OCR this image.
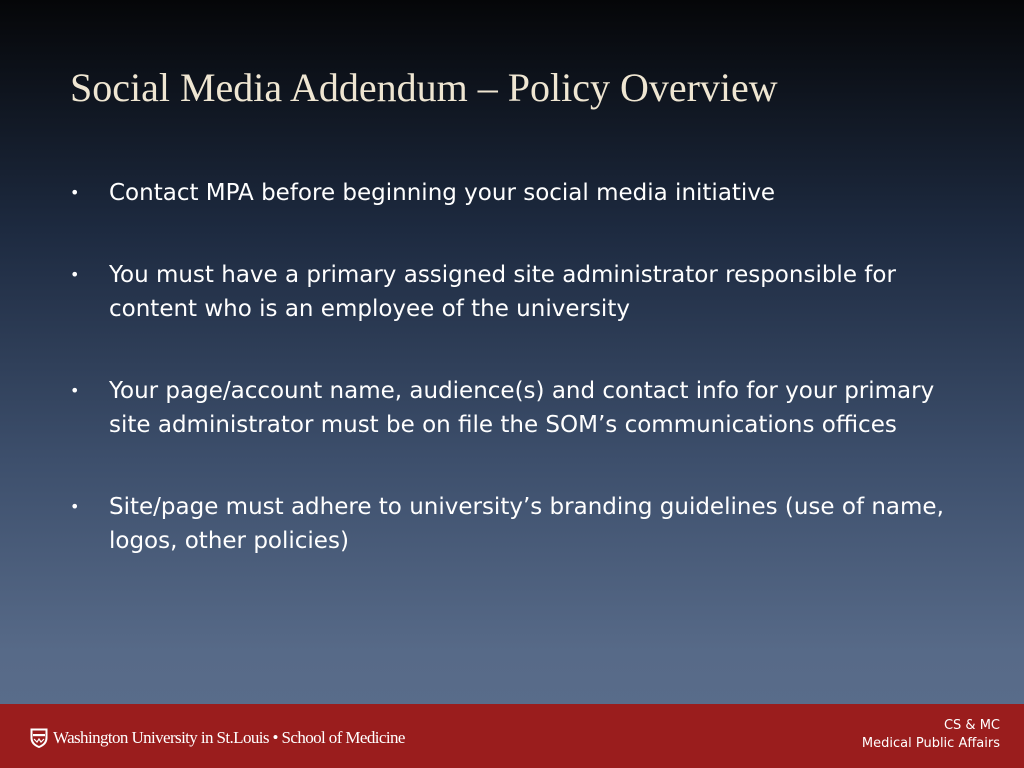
Social Media Addendum – Policy Overview
• Contact MPA before beginning your social media initiative
• You must have a primary assigned site administrator responsible for content who is an employee of the university
• Your page/account name, audience(s) and contact info for your primary site administrator must be on file the SOM’s communications offices
• Site/page must adhere to university’s branding guidelines (use of name, logos, other policies)
Washington University in St.Louis • School of Medicine
CS & MC
Medical Public Affairs
